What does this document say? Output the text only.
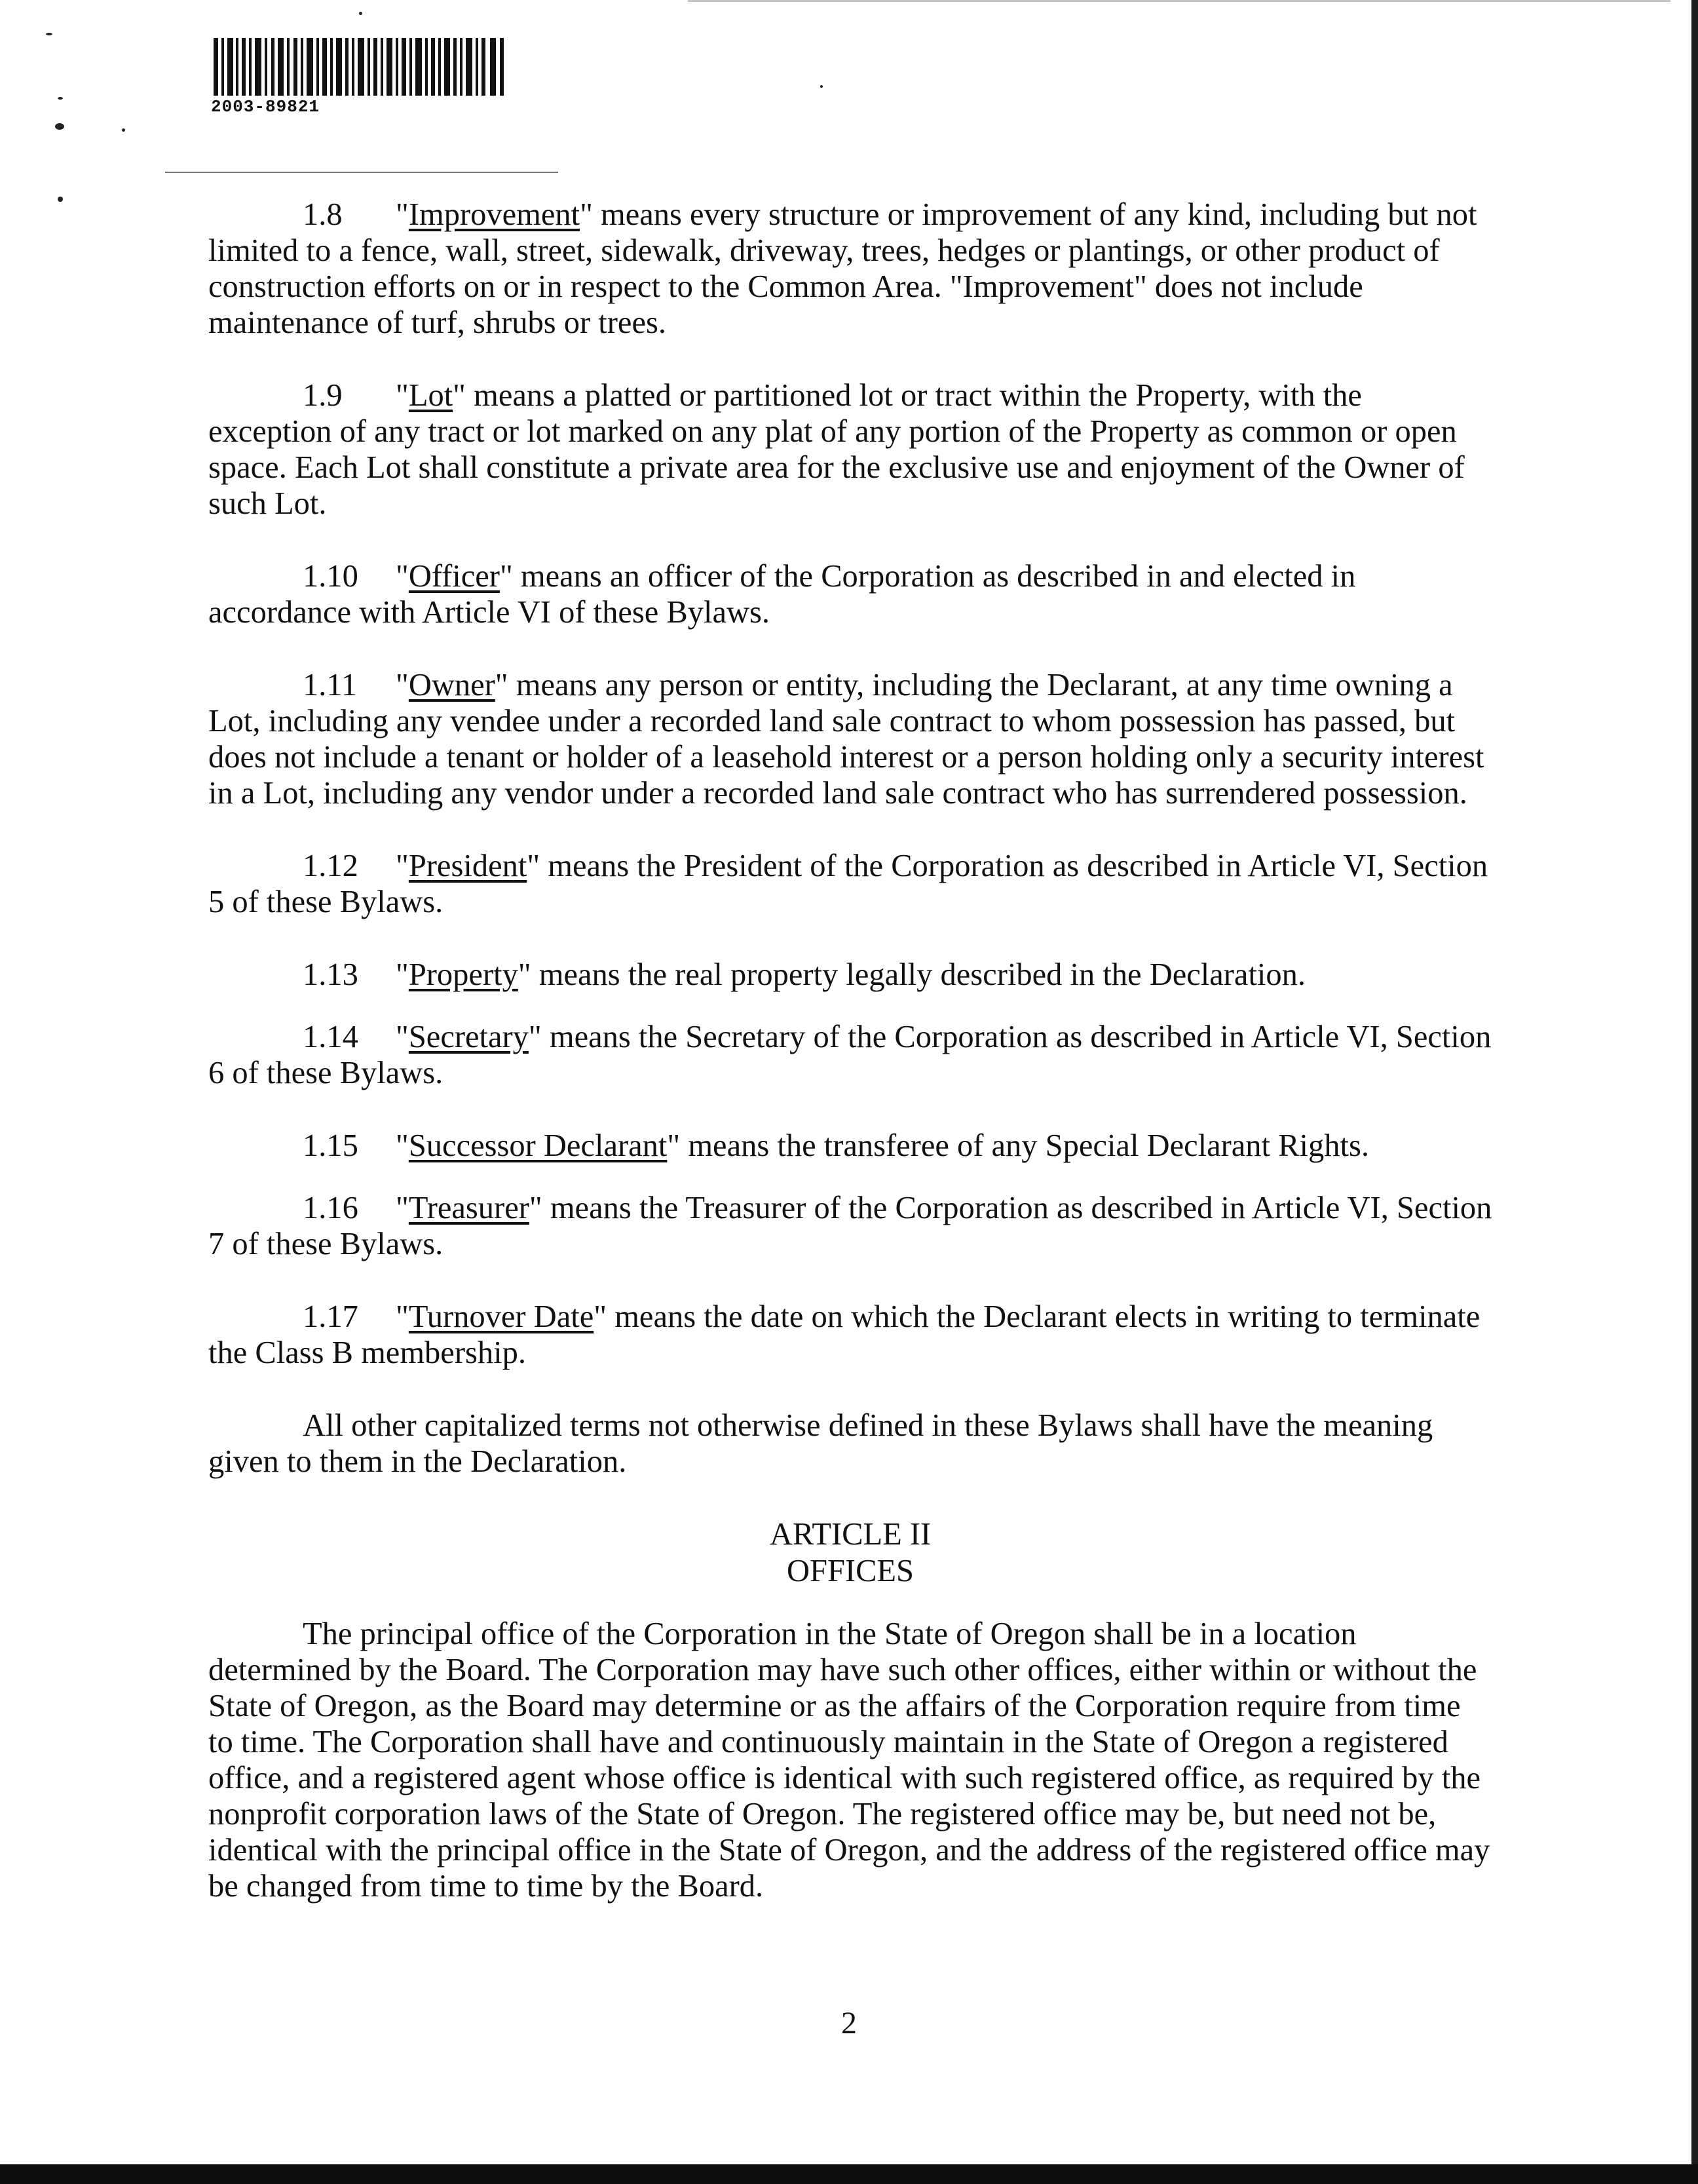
2003-89821

1.8 "Improvement" means every structure or improvement of any kind, including but not limited to a fence, wall, street, sidewalk, driveway, trees, hedges or plantings, or other product of construction efforts on or in respect to the Common Area. "Improvement" does not include maintenance of turf, shrubs or trees.

1.9 "Lot" means a platted or partitioned lot or tract within the Property, with the exception of any tract or lot marked on any plat of any portion of the Property as common or open space. Each Lot shall constitute a private area for the exclusive use and enjoyment of the Owner of such Lot.

1.10 "Officer" means an officer of the Corporation as described in and elected in accordance with Article VI of these Bylaws.

1.11 "Owner" means any person or entity, including the Declarant, at any time owning a Lot, including any vendee under a recorded land sale contract to whom possession has passed, but does not include a tenant or holder of a leasehold interest or a person holding only a security interest in a Lot, including any vendor under a recorded land sale contract who has surrendered possession.

1.12 "President" means the President of the Corporation as described in Article VI, Section 5 of these Bylaws.

1.13 "Property" means the real property legally described in the Declaration.

1.14 "Secretary" means the Secretary of the Corporation as described in Article VI, Section 6 of these Bylaws.

1.15 "Successor Declarant" means the transferee of any Special Declarant Rights.

1.16 "Treasurer" means the Treasurer of the Corporation as described in Article VI, Section 7 of these Bylaws.

1.17 "Turnover Date" means the date on which the Declarant elects in writing to terminate the Class B membership.

All other capitalized terms not otherwise defined in these Bylaws shall have the meaning given to them in the Declaration.

ARTICLE II
OFFICES

The principal office of the Corporation in the State of Oregon shall be in a location determined by the Board. The Corporation may have such other offices, either within or without the State of Oregon, as the Board may determine or as the affairs of the Corporation require from time to time. The Corporation shall have and continuously maintain in the State of Oregon a registered office, and a registered agent whose office is identical with such registered office, as required by the nonprofit corporation laws of the State of Oregon. The registered office may be, but need not be, identical with the principal office in the State of Oregon, and the address of the registered office may be changed from time to time by the Board.

2
